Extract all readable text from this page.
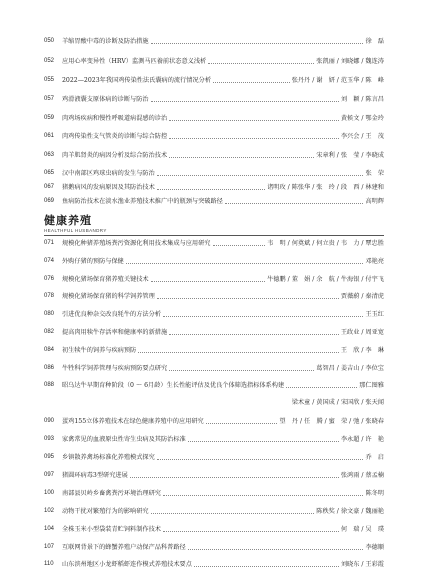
050	羊缩胃酸中毒的诊断及防治措施	徐　磊
052	应用心率变异性（HRV）监测马匹養前状态意义浅析	张凯丽 / 刘晓娜 / 魏连涛
055	2022—2023年我国鸡传染性法氏囊病的流行情况分析	张丹丹 / 谢　妍 / 范玉华 / 陈　峰
057	鸡滑液囊支原体病的诊断与防治	刘　颖 / 陈言昌
059	肉鸡场疾病和慢性呼吸道病混感的诊治	黄候文 / 鄂金玲
061	肉鸡传染性支气管炎的诊断与综合防控	李兴会 / 王　茂
063	肉羊肌肾炎的病因分析及综合防治技术	宋章利 / 张　莹 / 李晓成
065	汉中南部区鸡球虫病的发生与防治	张　荣
067	猪鹅病风的发病原因及其防治技术	诸明玫 / 陈张华 / 张　玲 / 段　西 / 林建和
069	鱼病防治技术在淡水渔业养殖技术推广中的瓶颈与突破路径	高明辉
健康养殖
HEALTHFUL HUSBANDRY
071	规模化种猪养殖场粪污资源化利用技术集成与应用研究	韦　明 / 何奠斌 / 何立贵 / 韦　力 / 覃忠胜
074	外购仔猪的预防与保健	邓艳亮
076	规模化猪场保育猪养殖关键技术	牛德鹏 / 董　娟 / 余　航 / 牛海银 / 付宇飞
078	规模化猪场保育猪的科学饲养管理	贾薇蔚 / 秦清虎
080	引进优良种杂交改良牦牛的方法分析	王玉红
082	提高肉用犊牛存活率和健康率的新措施	王政业 / 周亚宽
084	初生犊牛的饲养与疾病预防	王　欣 / 李　琳
086	牛牲科学饲养管理与疾病预防要点研究	葛智昌 / 姜吉山 / 李位宝
088	昭乌达牛早期育种阶段（0 ～ 6月龄）生长性能评估及优良个体筛选指标体系构建	那仁图雅
梁术童 / 黄国成 / 宋国欣 / 张天闻
090	蛋鸡155立体养殖技术在绿色健康养殖中的应用研究	望　丹 / 任　腾 / 蜜　荣 / 弛 / 张晓春
093	家禽常见的血液原虫性寄生虫病及其防治标准	李永超 / 许　艳
095	乡镇散养禽场标准化养殖模式探究	乔　启
097	猪圆环病毒3型研究进展	张鸿雨 / 蔡孟楠
100	南部县贝岭乡畜禽粪污环境治理研究	陈冬明
102	动物干扰对繁殖行为的影响研究	陈秩奖 / 徐文豪 / 魏丽艳
104	全株玉米小型袋装青贮饲料制作技术	何　瑞 / 吴　璞
107	互联网背景下的蜂蟹养殖户动保产品科普路径	李德顺
110	山东滨州地区小龙虾稻虾连作模式养殖技术要点	刘晓东 / 王彩霞
